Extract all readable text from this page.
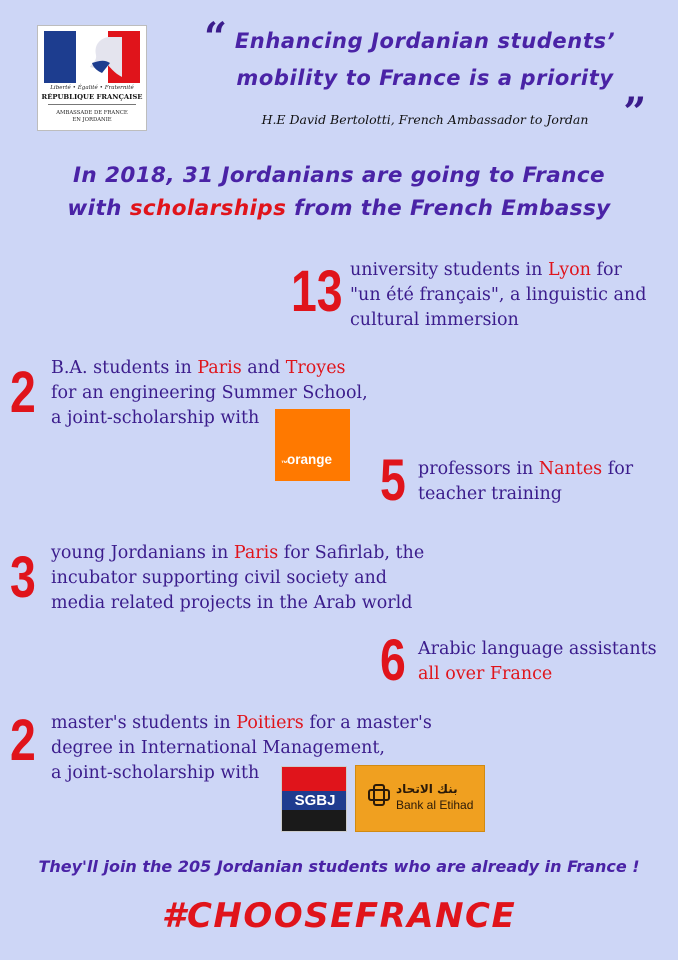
Liberté • Égalité • Fraternité
RÉPUBLIQUE FRANÇAISE
AMBASSADE DE FRANCE
EN JORDANIE
“ Enhancing Jordanian students’
mobility to France is a priority „
H.E David Bertolotti, French Ambassador to Jordan
In 2018, 31 Jordanians are going to France
with scholarships from the French Embassy
13 university students in Lyon for
"un été français", a linguistic and
cultural immersion
2 B.A. students in Paris and Troyes
for an engineering Summer School,
a joint-scholarship with
orange
™ 5 professors in Nantes for
teacher training
3 young Jordanians in Paris for Safirlab, the
incubator supporting civil society and
media related projects in the Arab world
6 Arabic language assistants
all over France
2 master's students in Poitiers for a master's
degree in International Management,
a joint-scholarship with
SGBJ
بنك الاتحاد
Bank al Etihad
They'll join the 205 Jordanian students who are already in France !
#CHOOSEFRANCE
